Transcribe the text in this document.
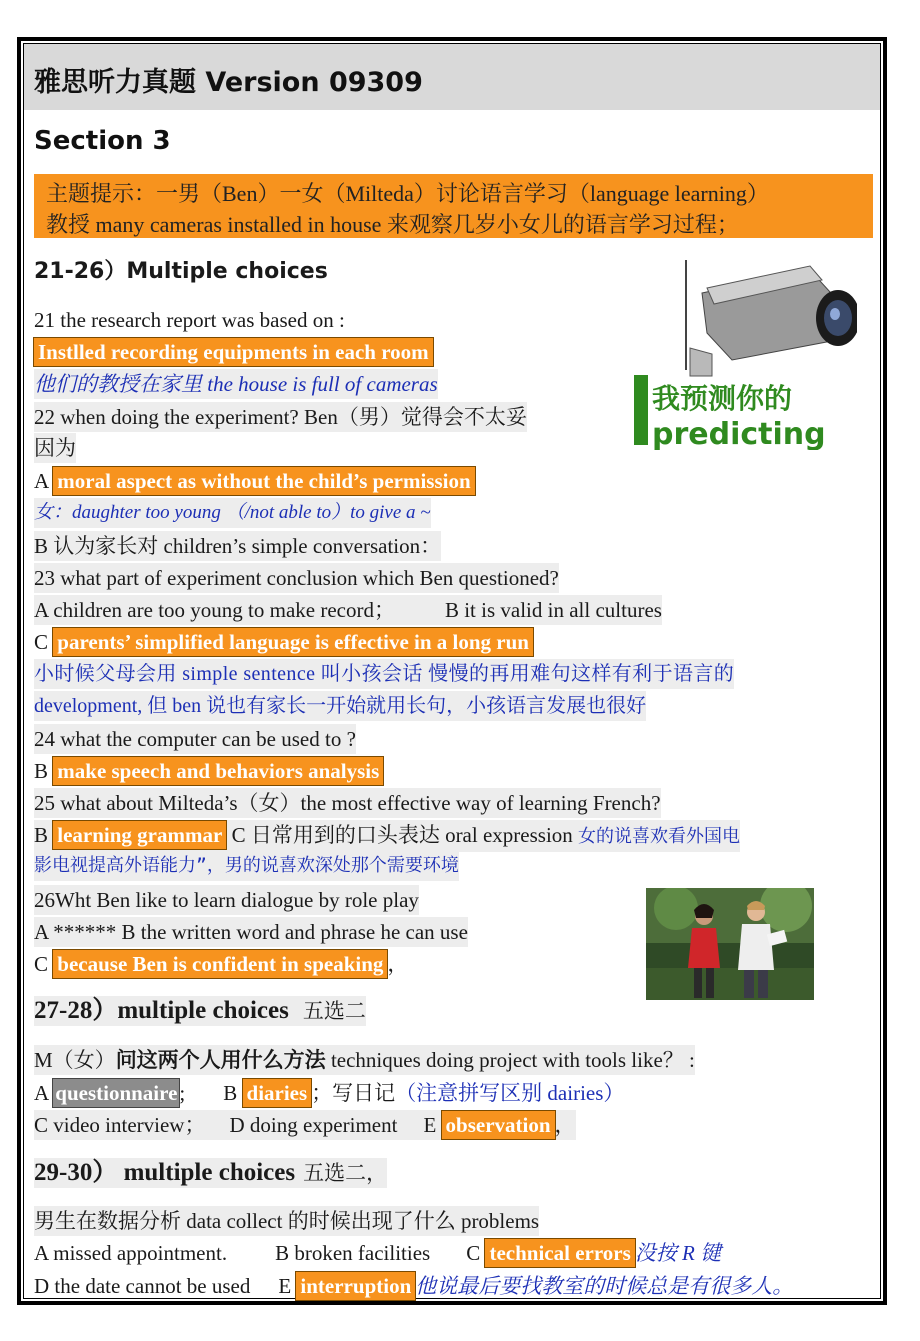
雅思听力真题 Version 09309
Section 3
主题提示：一男（Ben）一女（Milteda）讨论语言学习（language learning）
教授 many cameras installed in house 来观察几岁小女儿的语言学习过程；
21-26）Multiple choices
21 the research report was based on :
Instlled recording equipments in each room
他们的教授在家里 the house is full of cameras
22 when doing the experiment? Ben（男）觉得会不太妥
因为
A moral aspect as without the child’s permission
女：daughter too young （/not able to）to give a ~
B 认为家长对 children’s simple conversation：
23 what part of experiment conclusion which Ben questioned?
A children are too young to make record； B it is valid in all cultures
C parents’ simplified language is effective in a long run
小时候父母会用 simple sentence 叫小孩会话 慢慢的再用难句这样有利于语言的
development, 但 ben 说也有家长一开始就用长句，小孩语言发展也很好
24 what the computer can be used to ?
B make speech and behaviors analysis
25 what about Milteda’s（女）the most effective way of learning French?
B learning grammar C 日常用到的口头表达 oral expression 女的说喜欢看外国电
影电视提高外语能力”，男的说喜欢深处那个需要环境
26Wht Ben like to learn dialogue by role play
A ****** B the written word and phrase he can use
C because Ben is confident in speaking ，
27-28）multiple choices 五选二
M（女）问这两个人用什么方法 techniques doing project with tools like？ :
A questionnaire; B diaries ；写日记（注意拼写区别 dairies）
C video interview； D doing experiment E observation ，
29-30） multiple choices 五选二，
男生在数据分析 data collect 的时候出现了什么 problems
A missed appointment. B broken facilities C technical errors 没按 R 键
D the date cannot be used E interruption 他说最后要找教室的时候总是有很多人。
我预测你的
predicting
